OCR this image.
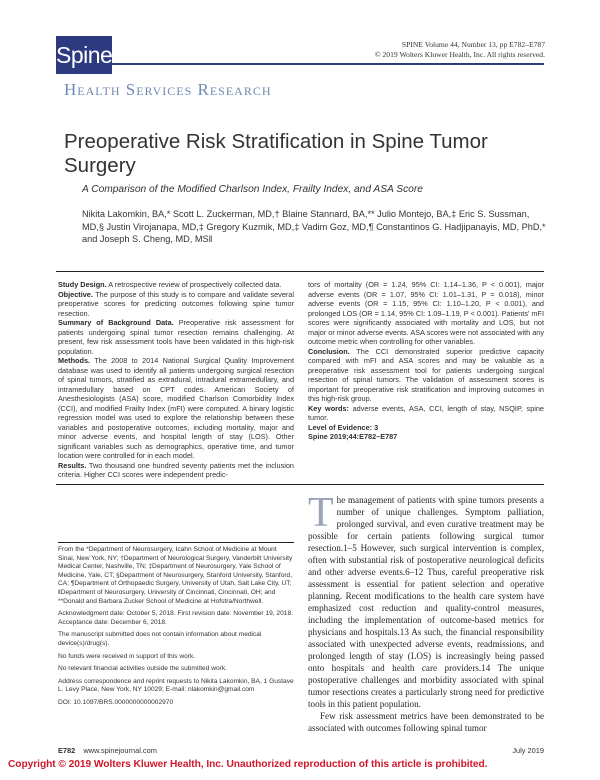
Spine	SPINE Volume 44, Number 13, pp E782–E787
© 2019 Wolters Kluwer Health, Inc. All rights reserved.
Health Services Research
Preoperative Risk Stratification in Spine Tumor Surgery
A Comparison of the Modified Charlson Index, Frailty Index, and ASA Score
Nikita Lakomkin, BA,* Scott L. Zuckerman, MD,† Blaine Stannard, BA,** Julio Montejo, BA,‡ Eric S. Sussman, MD,§ Justin Virojanapa, MD,‡ Gregory Kuzmik, MD,‡ Vadim Goz, MD,¶ Constantinos G. Hadjipanayis, MD, PhD,* and Joseph S. Cheng, MD, MS‖

Study Design. A retrospective review of prospectively collected data.

Objective. The purpose of this study is to compare and validate several preoperative scores for predicting outcomes following spine tumor resection.

Summary of Background Data. Preoperative risk assessment for patients undergoing spinal tumor resection remains challenging. At present, few risk assessment tools have been validated in this high-risk population.

Methods. The 2008 to 2014 National Surgical Quality Improvement database was used to identify all patients undergoing surgical resection of spinal tumors, stratified as extradural, intradural extramedullary, and intramedullary based on CPT codes. American Society of Anesthesiologists (ASA) score, modified Charlson Comorbidity Index (CCI), and modified Frailty Index (mFI) were computed. A binary logistic regression model was used to explore the relationship between these variables and postoperative outcomes, including mortality, major and minor adverse events, and hospital length of stay (LOS). Other significant variables such as demographics, operative time, and tumor location were controlled for in each model.

Results. Two thousand one hundred seventy patients met the inclusion criteria. Higher CCI scores were independent predic-

tors of mortality (OR = 1.24, 95% CI: 1.14–1.36, P < 0.001), major adverse events (OR = 1.07, 95% CI: 1.01–1.31, P = 0.018), minor adverse events (OR = 1.15, 95% CI: 1.10–1.20, P < 0.001), and prolonged LOS (OR = 1.14, 95% CI: 1.09–1.19, P < 0.001). Patients' mFI scores were significantly associated with mortality and LOS, but not major or minor adverse events. ASA scores were not associated with any outcome metric when controlling for other variables.

Conclusion. The CCI demonstrated superior predictive capacity compared with mFI and ASA scores and may be valuable as a preoperative risk assessment tool for patients undergoing surgical resection of spinal tumors. The validation of assessment scores is important for preoperative risk stratification and improving outcomes in this high-risk group.

Key words: adverse events, ASA, CCI, length of stay, NSQIP, spine tumor.

Level of Evidence: 3

Spine 2019;44:E782–E787

From the *Department of Neurosurgery, Icahn School of Medicine at Mount Sinai, New York, NY; †Department of Neurological Surgery, Vanderbilt University Medical Center, Nashville, TN; ‡Department of Neurosurgery, Yale School of Medicine, Yale, CT; §Department of Neurosurgery, Stanford University, Stanford, CA; ¶Department of Orthopaedic Surgery, University of Utah, Salt Lake City, UT; ‖Department of Neurosurgery, University of Cincinnati, Cincinnati, OH; and **Donald and Barbara Zucker School of Medicine at Hofstra/Northwell.

Acknowledgment date: October 5, 2018. First revision date: November 19, 2018. Acceptance date: December 6, 2018.

The manuscript submitted does not contain information about medical device(s)/drug(s).

No funds were received in support of this work.

No relevant financial activities outside the submitted work.

Address correspondence and reprint requests to Nikita Lakomkin, BA, 1 Gustave L. Levy Place, New York, NY 10029; E-mail: nlakomkin@gmail.com

DOI: 10.1097/BRS.0000000000002970

The management of patients with spine tumors presents a number of unique challenges. Symptom palliation, prolonged survival, and even curative treatment may be possible for certain patients following surgical tumor resection.1–5 However, such surgical intervention is complex, often with substantial risk of postoperative neurological deficits and other adverse events.6–12 Thus, careful preoperative risk assessment is essential for patient selection and operative planning. Recent modifications to the health care system have emphasized cost reduction and quality-control measures, including the implementation of outcome-based metrics for physicians and hospitals.13 As such, the financial responsibility associated with unexpected adverse events, readmissions, and prolonged length of stay (LOS) is increasingly being passed onto hospitals and health care providers.14 The unique postoperative challenges and morbidity associated with spinal tumor resections creates a particularly strong need for predictive tools in this patient population.
Few risk assessment metrics have been demonstrated to be associated with outcomes following spinal tumor
E782 www.spinejournal.com	July 2019
Copyright © 2019 Wolters Kluwer Health, Inc. Unauthorized reproduction of this article is prohibited.
